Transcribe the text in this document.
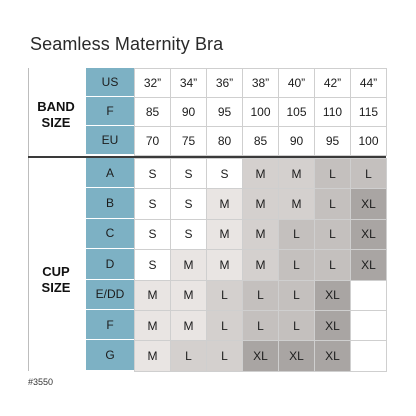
Seamless Maternity Bra
BAND
SIZE
CUP
SIZE
US	32”	34”	36”	38”	40”	42”	44”
F	85	90	95	100	105	110	115
EU	70	75	80	85	90	95	100
A	S	S	S	M	M	L	L
B	S	S	M	M	M	L	XL
C	S	S	M	M	L	L	XL
D	S	M	M	M	L	L	XL
E/DD	M	M	L	L	L	XL
F	M	M	L	L	L	XL
G	M	L	L	XL	XL	XL
#3550
